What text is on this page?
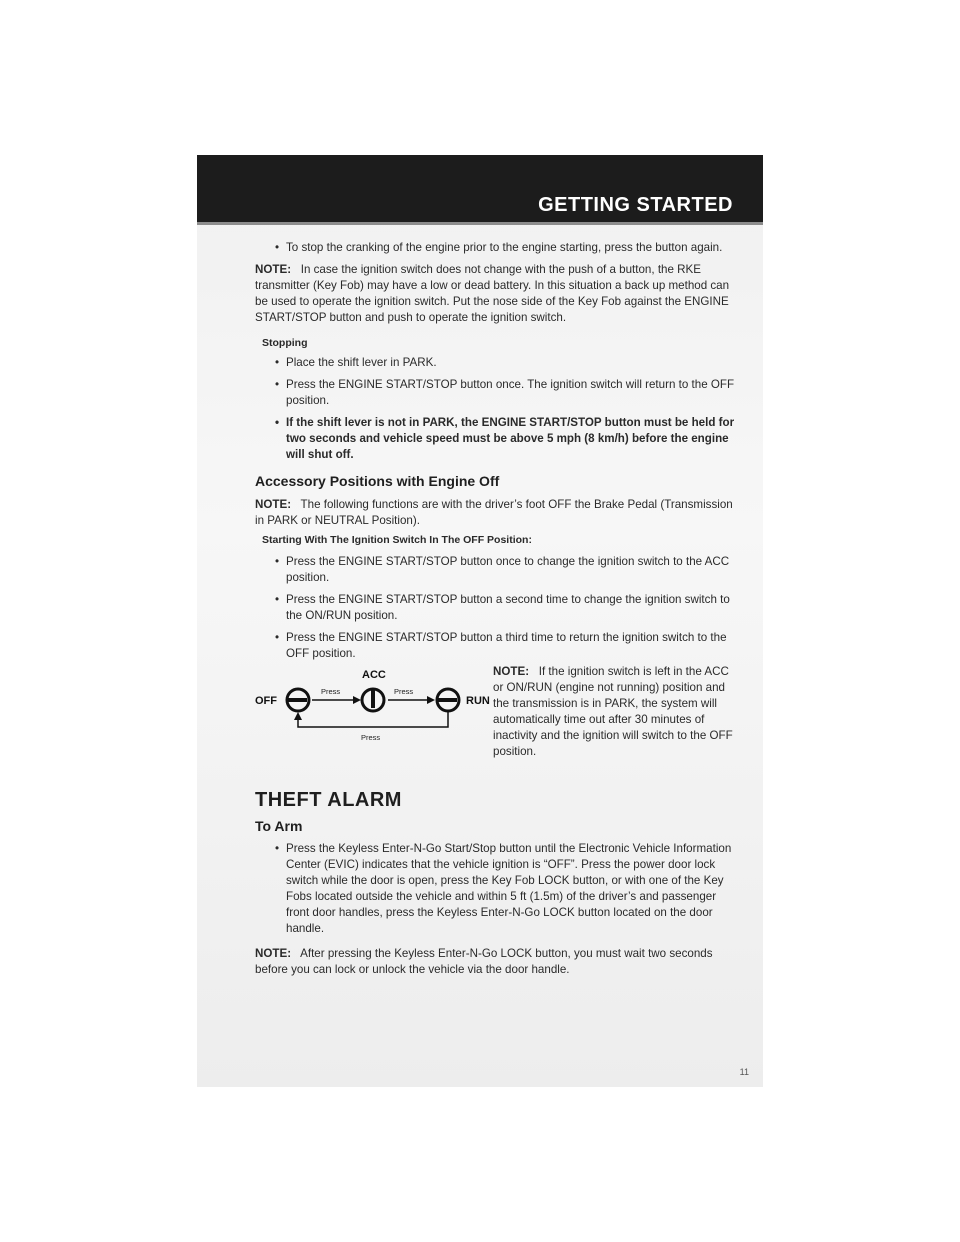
GETTING STARTED
• To stop the cranking of the engine prior to the engine starting, press the button again.

NOTE: In case the ignition switch does not change with the push of a button, the RKE transmitter (Key Fob) may have a low or dead battery. In this situation a back up method can be used to operate the ignition switch. Put the nose side of the Key Fob against the ENGINE START/STOP button and push to operate the ignition switch.

Stopping
• Place the shift lever in PARK.
• Press the ENGINE START/STOP button once. The ignition switch will return to the OFF position.
• If the shift lever is not in PARK, the ENGINE START/STOP button must be held for two seconds and vehicle speed must be above 5 mph (8 km/h) before the engine will shut off.
Accessory Positions with Engine Off

NOTE: The following functions are with the driver’s foot OFF the Brake Pedal (Transmission in PARK or NEUTRAL Position).

Starting With The Ignition Switch In The OFF Position:
• Press the ENGINE START/STOP button once to change the ignition switch to the ACC position.
• Press the ENGINE START/STOP button a second time to change the ignition switch to the ON/RUN position.
• Press the ENGINE START/STOP button a third time to return the ignition switch to the OFF position.
OFF
Press
ACC
Press
RUN
Press
NOTE: If the ignition switch is left in the ACC or ON/RUN (engine not running) position and the transmission is in PARK, the system will automatically time out after 30 minutes of inactivity and the ignition will switch to the OFF position.
THEFT ALARM
To Arm
• Press the Keyless Enter-N-Go Start/Stop button until the Electronic Vehicle Information Center (EVIC) indicates that the vehicle ignition is “OFF”. Press the power door lock switch while the door is open, press the Key Fob LOCK button, or with one of the Key Fobs located outside the vehicle and within 5 ft (1.5m) of the driver’s and passenger front door handles, press the Keyless Enter-N-Go LOCK button located on the door handle.

NOTE: After pressing the Keyless Enter-N-Go LOCK button, you must wait two seconds before you can lock or unlock the vehicle via the door handle.

11
